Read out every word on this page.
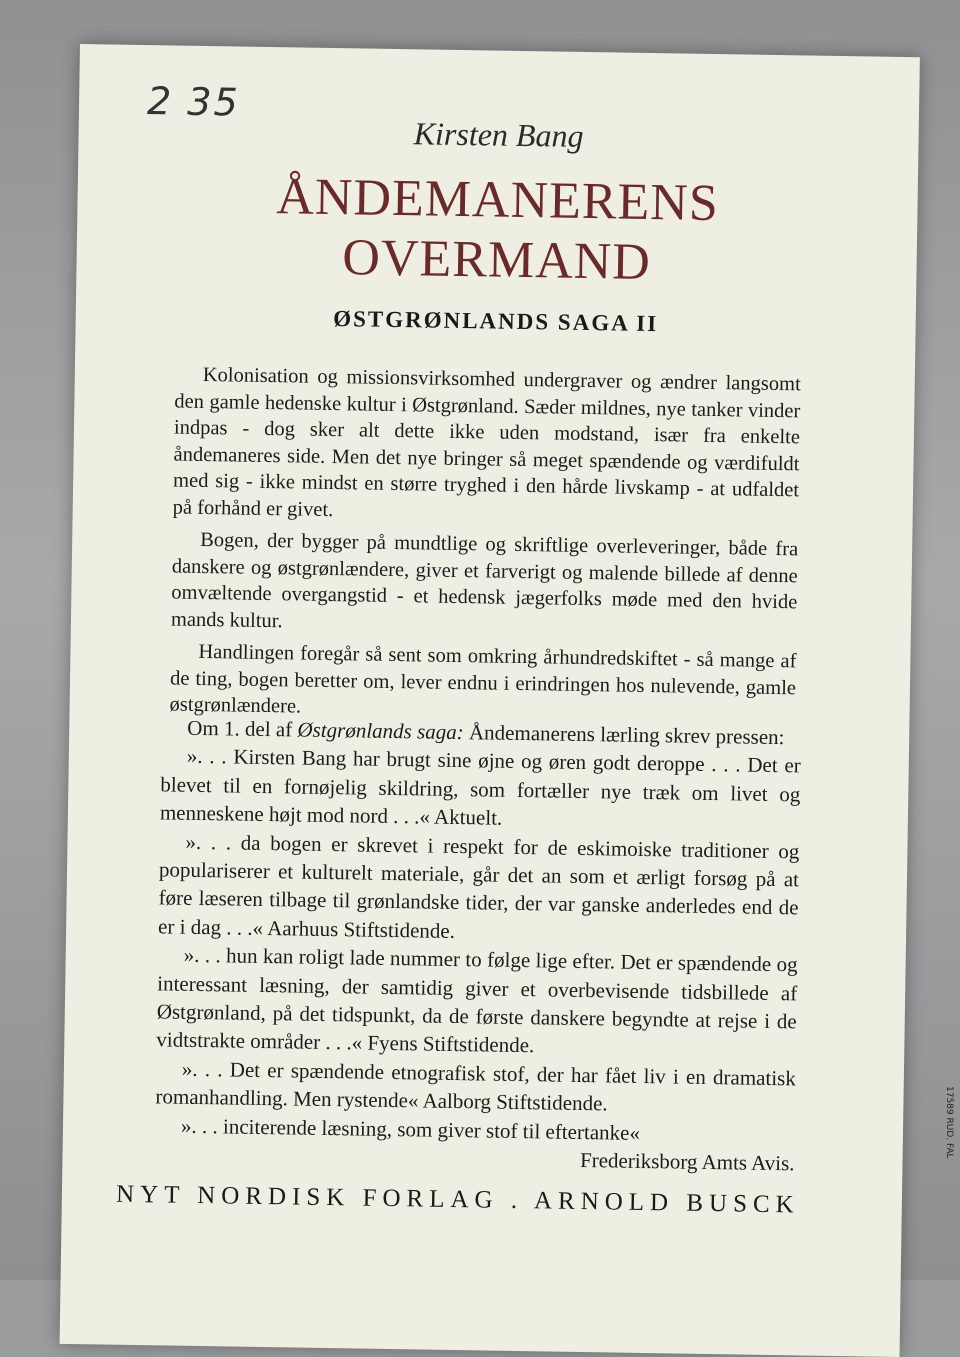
2 35
Kirsten Bang
ÅNDEMANERENS
OVERMAND
ØSTGRØNLANDS SAGA II

Kolonisation og missionsvirksomhed undergraver og ændrer langsomt den gamle hedenske kultur i Østgrønland. Sæder mildnes, nye tanker vinder indpas - dog sker alt dette ikke uden modstand, især fra enkelte åndemaneres side. Men det nye bringer så meget spændende og værdifuldt med sig - ikke mindst en større tryghed i den hårde livskamp - at udfaldet på forhånd er givet.

Bogen, der bygger på mundtlige og skriftlige overleveringer, både fra danskere og østgrønlændere, giver et farverigt og malende billede af denne omvæltende overgangstid - et hedensk jægerfolks møde med den hvide mands kultur.

Handlingen foregår så sent som omkring århundredskiftet - så mange af de ting, bogen beretter om, lever endnu i erindringen hos nulevende, gamle østgrønlændere.

Om 1. del af Østgrønlands saga: Åndemanerens lærling skrev pressen:

». . . Kirsten Bang har brugt sine øjne og øren godt deroppe . . . Det er blevet til en fornøjelig skildring, som fortæller nye træk om livet og menneskene højt mod nord . . .« Aktuelt.

». . . da bogen er skrevet i respekt for de eskimoiske traditioner og populariserer et kulturelt materiale, går det an som et ærligt forsøg på at føre læseren tilbage til grønlandske tider, der var ganske anderledes end de er i dag . . .« Aarhuus Stiftstidende.

». . . hun kan roligt lade nummer to følge lige efter. Det er spændende og interessant læsning, der samtidig giver et overbevisende tidsbillede af Østgrønland, på det tidspunkt, da de første danskere begyndte at rejse i de vidtstrakte områder . . .« Fyens Stiftstidende.

». . . Det er spændende etnografisk stof, der har fået liv i en dramatisk romanhandling. Men rystende« Aalborg Stiftstidende.

». . . inciterende læsning, som giver stof til eftertanke«

Frederiksborg Amts Avis.

NYT NORDISK FORLAG . ARNOLD BUSCK
17589 RUD. FAL
